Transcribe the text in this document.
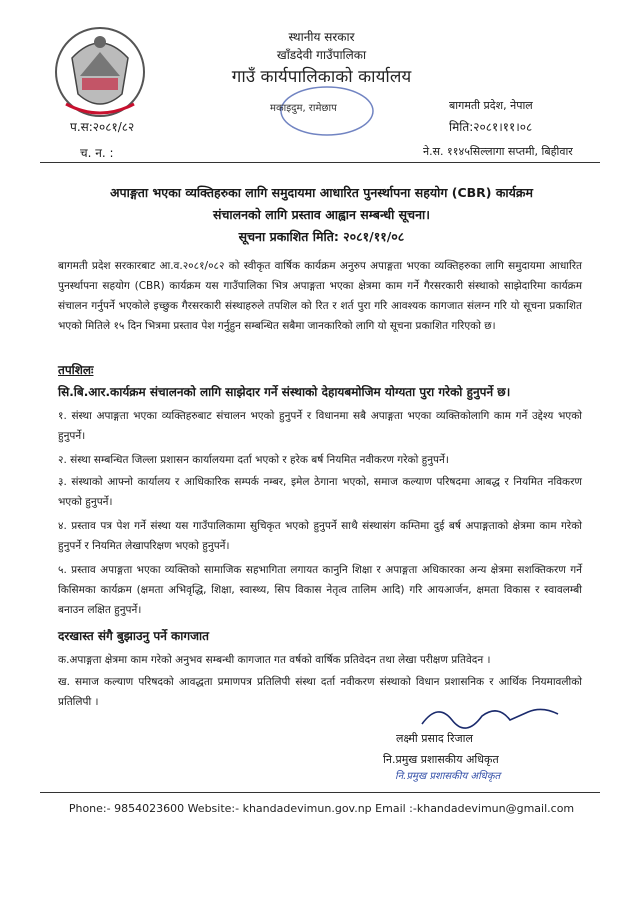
स्थानीय सरकार
खाँडदेवी गाउँपालिका
गाउँ कार्यपालिकाको कार्यालय
मकाइदुम, रामेछाप	बागमती प्रदेश, नेपाल
मिति:२०८१।११।०८
प.स:२०८१/८२
च. न. :	ने.स. ११४५सिल्लागा सप्तमी, बिहीवार
अपाङ्गता भएका व्यक्तिहरुका लागि समुदायमा आधारित पुनर्स्थापना सहयोग (CBR) कार्यक्रम
संचालनको लागि प्रस्ताव आह्वान सम्बन्धी सूचना।
सूचना प्रकाशित मिति: २०८१/११/०८
बागमती प्रदेश सरकारबाट आ.व.२०८१/०८२ को स्वीकृत वार्षिक कार्यक्रम अनुरुप अपाङ्गता भएका व्यक्तिहरुका लागि समुदायमा आधारित पुनर्स्थापना सहयोग (CBR) कार्यक्रम यस गाउँपालिका भित्र अपाङ्गता भएका क्षेत्रमा काम गर्ने गैरसरकारी संस्थाको साझेदारिमा कार्यक्रम संचालन गर्नुपर्ने भएकोले इच्छुक गैरसरकारी संस्थाहरुले तपशिल को रित र शर्त पुरा गरि आवश्यक कागजात संलग्न गरि यो सूचना प्रकाशित भएको मितिले १५ दिन भित्रमा प्रस्ताव पेश गर्नुहुन सम्बन्धित सबैमा जानकारिको लागि यो सूचना प्रकाशित गरिएको छ।
तपशिलः
सि.बि.आर.कार्यक्रम संचालनको लागि साझेदार गर्ने संस्थाको देहायबमोजिम योग्यता पुरा गरेको हुनुपर्ने छ।
१. संस्था अपाङ्गता भएका व्यक्तिहरुबाट संचालन भएको हुनुपर्ने र विधानमा सबै अपाङ्गता भएका व्यक्तिकोलागि काम गर्ने उद्देश्य भएको हुनुपर्ने।
२. संस्था सम्बन्धित जिल्ला प्रशासन कार्यालयमा दर्ता भएको र हरेक बर्ष नियमित नवीकरण गरेको हुनुपर्ने।
३. संस्थाको आफ्नो कार्यालय र आधिकारिक सम्पर्क नम्बर, इमेल ठेगाना भएको, समाज कल्याण परिषदमा आबद्ध र नियमित नविकरण भएको हुनुपर्ने।
४. प्रस्ताव पत्र पेश गर्ने संस्था यस गाउँपालिकामा सुचिकृत भएको हुनुपर्ने साथै संस्थासंग कम्तिमा दुई बर्ष अपाङ्गताको क्षेत्रमा काम गरेको हुनुपर्ने र नियमित लेखापरिक्षण भएको हुनुपर्ने।
५. प्रस्ताव अपाङ्गता भएका व्यक्तिको सामाजिक सहभागिता लगायत कानुनि शिक्षा र अपाङ्गता अधिकारका अन्य क्षेत्रमा सशक्तिकरण गर्ने किसिमका कार्यक्रम (क्षमता अभिवृद्धि, शिक्षा, स्वास्थ्य, सिप विकास नेतृत्व तालिम आदि) गरि आयआर्जन, क्षमता विकास र स्वावलम्बी बनाउन लक्षित हुनुपर्ने।
दरखास्त संगै बुझाउनु पर्ने कागजात
क.अपाङ्गता क्षेत्रमा काम गरेको अनुभव सम्बन्धी कागजात गत वर्षको वार्षिक प्रतिवेदन तथा लेखा परीक्षण प्रतिवेदन ।
ख. समाज कल्याण परिषदको आवद्धता प्रमाणपत्र प्रतिलिपी संस्था दर्ता नवीकरण संस्थाको विधान प्रशासनिक र आर्थिक नियमावलीको प्रतिलिपी ।
लक्ष्मी प्रसाद रिजाल
नि.प्रमुख प्रशासकीय अधिकृत
नि.प्रमुख प्रशासकीय अधिकृत
Phone:- 9854023600 Website:- khandadevimun.gov.np Email :-khandadevimun@gmail.com
